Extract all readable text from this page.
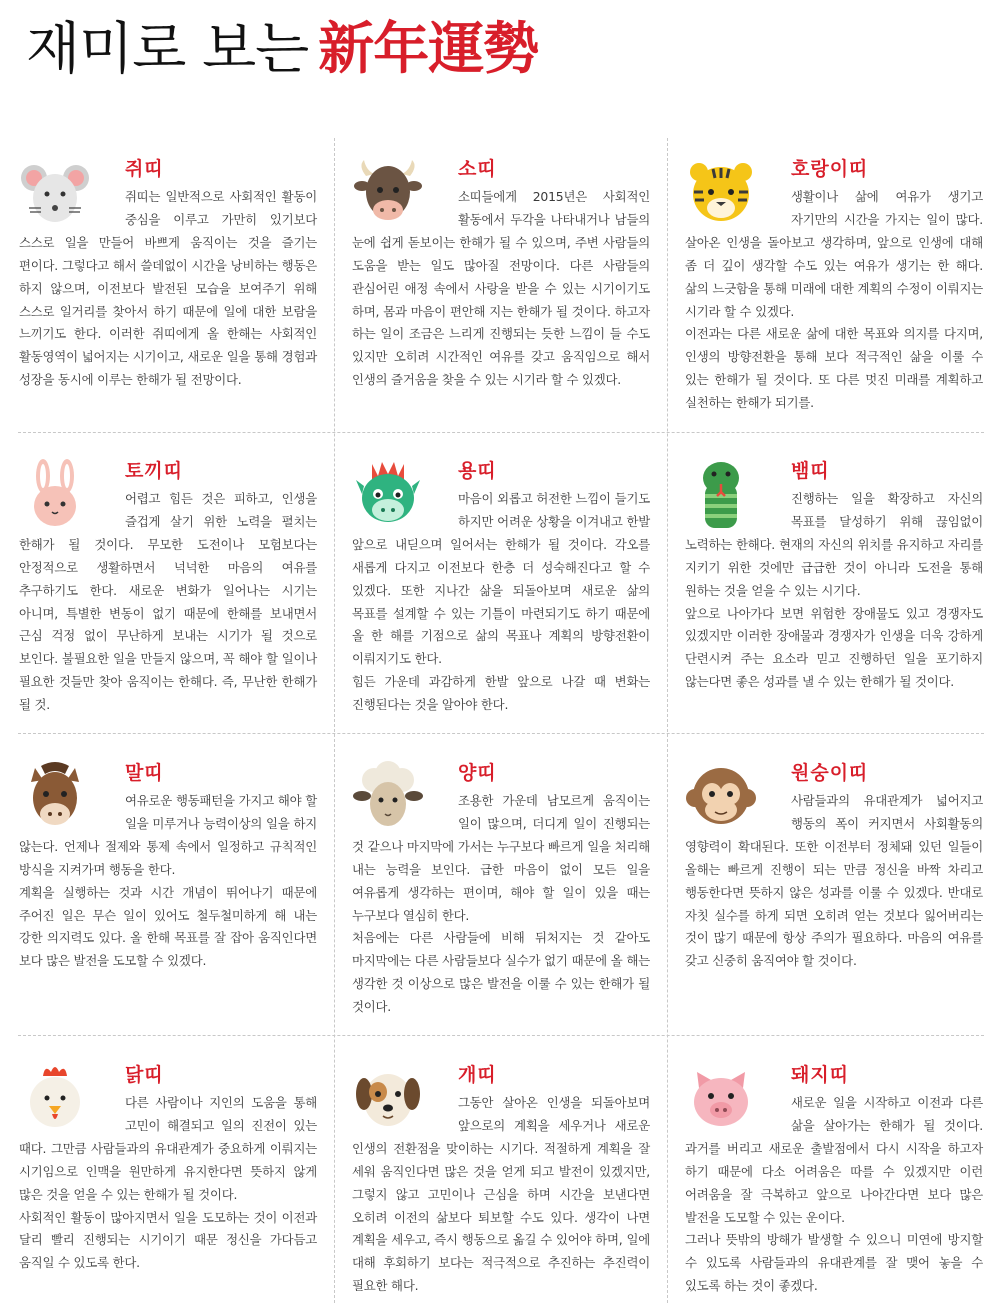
재미로 보는 新年運勢
쥐띠

쥐띠는 일반적으로 사회적인 활동이 중심을 이루고 가만히 있기보다 스스로 일을 만들어 바쁘게 움직이는 것을 즐기는 편이다. 그렇다고 해서 쓸데없이 시간을 낭비하는 행동은 하지 않으며, 이전보다 발전된 모습을 보여주기 위해 스스로 일거리를 찾아서 하기 때문에 일에 대한 보람을 느끼기도 한다. 이러한 쥐띠에게 올 한해는 사회적인 활동영역이 넓어지는 시기이고, 새로운 일을 통해 경험과 성장을 동시에 이루는 한해가 될 전망이다.

소띠

소띠들에게 2015년은 사회적인 활동에서 두각을 나타내거나 남들의 눈에 쉽게 돋보이는 한해가 될 수 있으며, 주변 사람들의 도움을 받는 일도 많아질 전망이다. 다른 사람들의 관심어린 애정 속에서 사랑을 받을 수 있는 시기이기도 하며, 몸과 마음이 편안해 지는 한해가 될 것이다. 하고자 하는 일이 조금은 느리게 진행되는 듯한 느낌이 들 수도 있지만 오히려 시간적인 여유를 갖고 움직임으로 해서 인생의 즐거움을 찾을 수 있는 시기라 할 수 있겠다.

호랑이띠

생활이나 삶에 여유가 생기고 자기만의 시간을 가지는 일이 많다. 살아온 인생을 돌아보고 생각하며, 앞으로 인생에 대해 좀 더 깊이 생각할 수도 있는 여유가 생기는 한 해다. 삶의 느긋함을 통해 미래에 대한 계획의 수정이 이뤄지는 시기라 할 수 있겠다.

이전과는 다른 새로운 삶에 대한 목표와 의지를 다지며, 인생의 방향전환을 통해 보다 적극적인 삶을 이룰 수 있는 한해가 될 것이다. 또 다른 멋진 미래를 계획하고 실천하는 한해가 되기를.

토끼띠

어렵고 힘든 것은 피하고, 인생을 즐겁게 살기 위한 노력을 펼치는 한해가 될 것이다. 무모한 도전이나 모험보다는 안정적으로 생활하면서 넉넉한 마음의 여유를 추구하기도 한다. 새로운 변화가 일어나는 시기는 아니며, 특별한 변동이 없기 때문에 한해를 보내면서 근심 걱정 없이 무난하게 보내는 시기가 될 것으로 보인다. 불필요한 일을 만들지 않으며, 꼭 해야 할 일이나 필요한 것들만 찾아 움직이는 한해다. 즉, 무난한 한해가 될 것.

용띠

마음이 외롭고 허전한 느낌이 들기도 하지만 어려운 상황을 이겨내고 한발 앞으로 내딛으며 일어서는 한해가 될 것이다. 각오를 새롭게 다지고 이전보다 한층 더 성숙해진다고 할 수 있겠다. 또한 지나간 삶을 되돌아보며 새로운 삶의 목표를 설계할 수 있는 기틀이 마련되기도 하기 때문에 올 한 해를 기점으로 삶의 목표나 계획의 방향전환이 이뤄지기도 한다.

힘든 가운데 과감하게 한발 앞으로 나갈 때 변화는 진행된다는 것을 알아야 한다.

뱀띠

진행하는 일을 확장하고 자신의 목표를 달성하기 위해 끊임없이 노력하는 한해다. 현재의 자신의 위치를 유지하고 자리를 지키기 위한 것에만 급급한 것이 아니라 도전을 통해 원하는 것을 얻을 수 있는 시기다.

앞으로 나아가다 보면 위험한 장애물도 있고 경쟁자도 있겠지만 이러한 장애물과 경쟁자가 인생을 더욱 강하게 단련시켜 주는 요소라 믿고 진행하던 일을 포기하지 않는다면 좋은 성과를 낼 수 있는 한해가 될 것이다.

말띠

여유로운 행동패턴을 가지고 해야 할 일을 미루거나 능력이상의 일을 하지 않는다. 언제나 절제와 통제 속에서 일정하고 규칙적인 방식을 지켜가며 행동을 한다.

계획을 실행하는 것과 시간 개념이 뛰어나기 때문에 주어진 일은 무슨 일이 있어도 철두철미하게 해 내는 강한 의지력도 있다. 올 한해 목표를 잘 잡아 움직인다면 보다 많은 발전을 도모할 수 있겠다.

양띠

조용한 가운데 남모르게 움직이는 일이 많으며, 더디게 일이 진행되는 것 같으나 마지막에 가서는 누구보다 빠르게 일을 처리해 내는 능력을 보인다. 급한 마음이 없이 모든 일을 여유롭게 생각하는 편이며, 해야 할 일이 있을 때는 누구보다 열심히 한다.

처음에는 다른 사람들에 비해 뒤처지는 것 같아도 마지막에는 다른 사람들보다 실수가 없기 때문에 올 해는 생각한 것 이상으로 많은 발전을 이룰 수 있는 한해가 될 것이다.

원숭이띠

사람들과의 유대관계가 넓어지고 행동의 폭이 커지면서 사회활동의 영향력이 확대된다. 또한 이전부터 정체돼 있던 일들이 올해는 빠르게 진행이 되는 만큼 정신을 바짝 차리고 행동한다면 뜻하지 않은 성과를 이룰 수 있겠다. 반대로 자칫 실수를 하게 되면 오히려 얻는 것보다 잃어버리는 것이 많기 때문에 항상 주의가 필요하다. 마음의 여유를 갖고 신중히 움직여야 할 것이다.

닭띠

다른 사람이나 지인의 도움을 통해 고민이 해결되고 일의 진전이 있는 때다. 그만큼 사람들과의 유대관계가 중요하게 이뤄지는 시기임으로 인맥을 원만하게 유지한다면 뜻하지 않게 많은 것을 얻을 수 있는 한해가 될 것이다.

사회적인 활동이 많아지면서 일을 도모하는 것이 이전과 달리 빨리 진행되는 시기이기 때문 정신을 가다듬고 움직일 수 있도록 한다.

개띠

그동안 살아온 인생을 되돌아보며 앞으로의 계획을 세우거나 새로운 인생의 전환점을 맞이하는 시기다. 적절하게 계획을 잘 세워 움직인다면 많은 것을 얻게 되고 발전이 있겠지만, 그렇지 않고 고민이나 근심을 하며 시간을 보낸다면 오히려 이전의 삶보다 퇴보할 수도 있다. 생각이 나면 계획을 세우고, 즉시 행동으로 옮길 수 있어야 하며, 일에 대해 후회하기 보다는 적극적으로 추진하는 추진력이 필요한 해다.

돼지띠

새로운 일을 시작하고 이전과 다른 삶을 살아가는 한해가 될 것이다. 과거를 버리고 새로운 출발점에서 다시 시작을 하고자 하기 때문에 다소 어려움은 따를 수 있겠지만 이런 어려움을 잘 극복하고 앞으로 나아간다면 보다 많은 발전을 도모할 수 있는 운이다.

그러나 뜻밖의 방해가 발생할 수 있으니 미연에 방지할 수 있도록 사람들과의 유대관계를 잘 맺어 놓을 수 있도록 하는 것이 좋겠다.
